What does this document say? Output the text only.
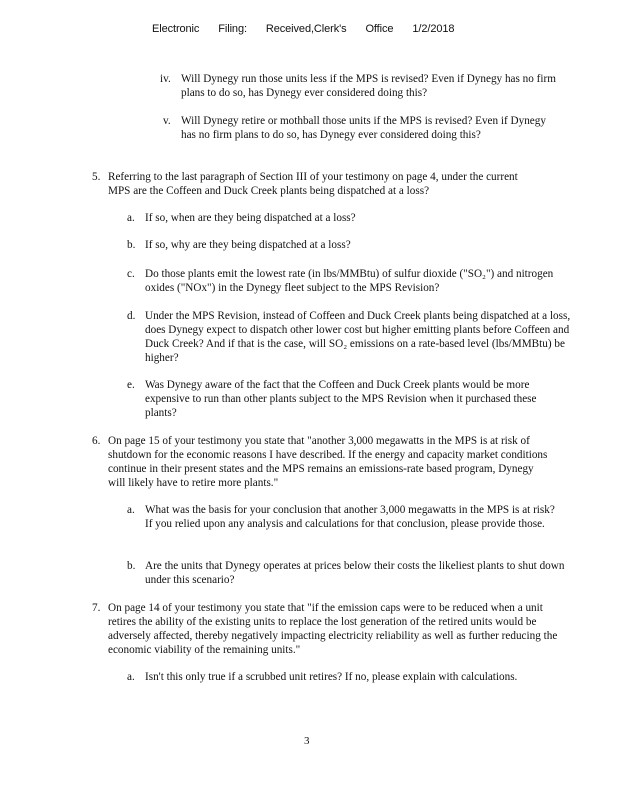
Electronic Filing: Received,Clerk's Office 1/2/2018
iv. Will Dynegy run those units less if the MPS is revised? Even if Dynegy has no firm plans to do so, has Dynegy ever considered doing this?

v. Will Dynegy retire or mothball those units if the MPS is revised? Even if Dynegy has no firm plans to do so, has Dynegy ever considered doing this?

5. Referring to the last paragraph of Section III of your testimony on page 4, under the current MPS are the Coffeen and Duck Creek plants being dispatched at a loss?

a. If so, when are they being dispatched at a loss?

b. If so, why are they being dispatched at a loss?

c. Do those plants emit the lowest rate (in lbs/MMBtu) of sulfur dioxide ("SO₂") and nitrogen oxides ("NOx") in the Dynegy fleet subject to the MPS Revision?

d. Under the MPS Revision, instead of Coffeen and Duck Creek plants being dispatched at a loss, does Dynegy expect to dispatch other lower cost but higher emitting plants before Coffeen and Duck Creek? And if that is the case, will SO₂ emissions on a rate-based level (lbs/MMBtu) be higher?

e. Was Dynegy aware of the fact that the Coffeen and Duck Creek plants would be more expensive to run than other plants subject to the MPS Revision when it purchased these plants?

6. On page 15 of your testimony you state that "another 3,000 megawatts in the MPS is at risk of shutdown for the economic reasons I have described. If the energy and capacity market conditions continue in their present states and the MPS remains an emissions-rate based program, Dynegy will likely have to retire more plants."

a. What was the basis for your conclusion that another 3,000 megawatts in the MPS is at risk? If you relied upon any analysis and calculations for that conclusion, please provide those.

b. Are the units that Dynegy operates at prices below their costs the likeliest plants to shut down under this scenario?

7. On page 14 of your testimony you state that "if the emission caps were to be reduced when a unit retires the ability of the existing units to replace the lost generation of the retired units would be adversely affected, thereby negatively impacting electricity reliability as well as further reducing the economic viability of the remaining units."

a. Isn't this only true if a scrubbed unit retires? If no, please explain with calculations.

3
